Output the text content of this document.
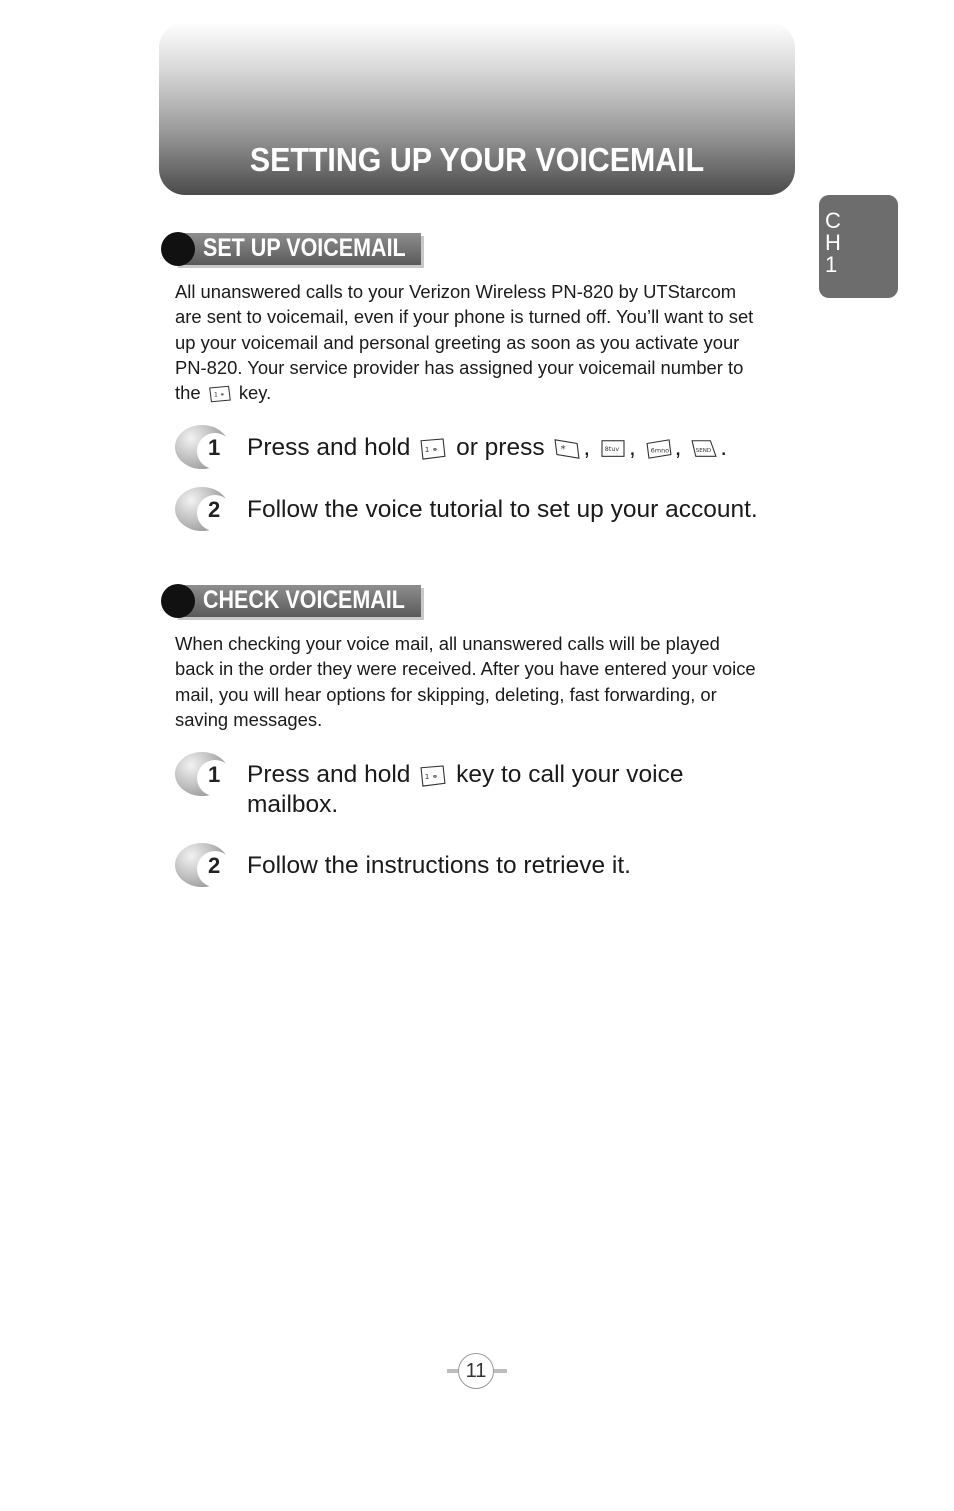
SETTING UP YOUR VOICEMAIL
C
H
1
SET UP VOICEMAIL
All unanswered calls to your Verizon Wireless PN-820 by UTStarcom
are sent to voicemail, even if your phone is turned off. You’ll want to set
up your voicemail and personal greeting as soon as you activate your
PN-820. Your service provider has assigned your voicemail number to
the 1 ⚭ key.
1 Press and hold 1 ⚭ or press * , 8tuv , 6mno , SEND .
2 Follow the voice tutorial to set up your account.
CHECK VOICEMAIL
When checking your voice mail, all unanswered calls will be played
back in the order they were received. After you have entered your voice
mail, you will hear options for skipping, deleting, fast forwarding, or
saving messages.
1 Press and hold 1 ⚭ key to call your voice
mailbox.
2 Follow the instructions to retrieve it.
11
